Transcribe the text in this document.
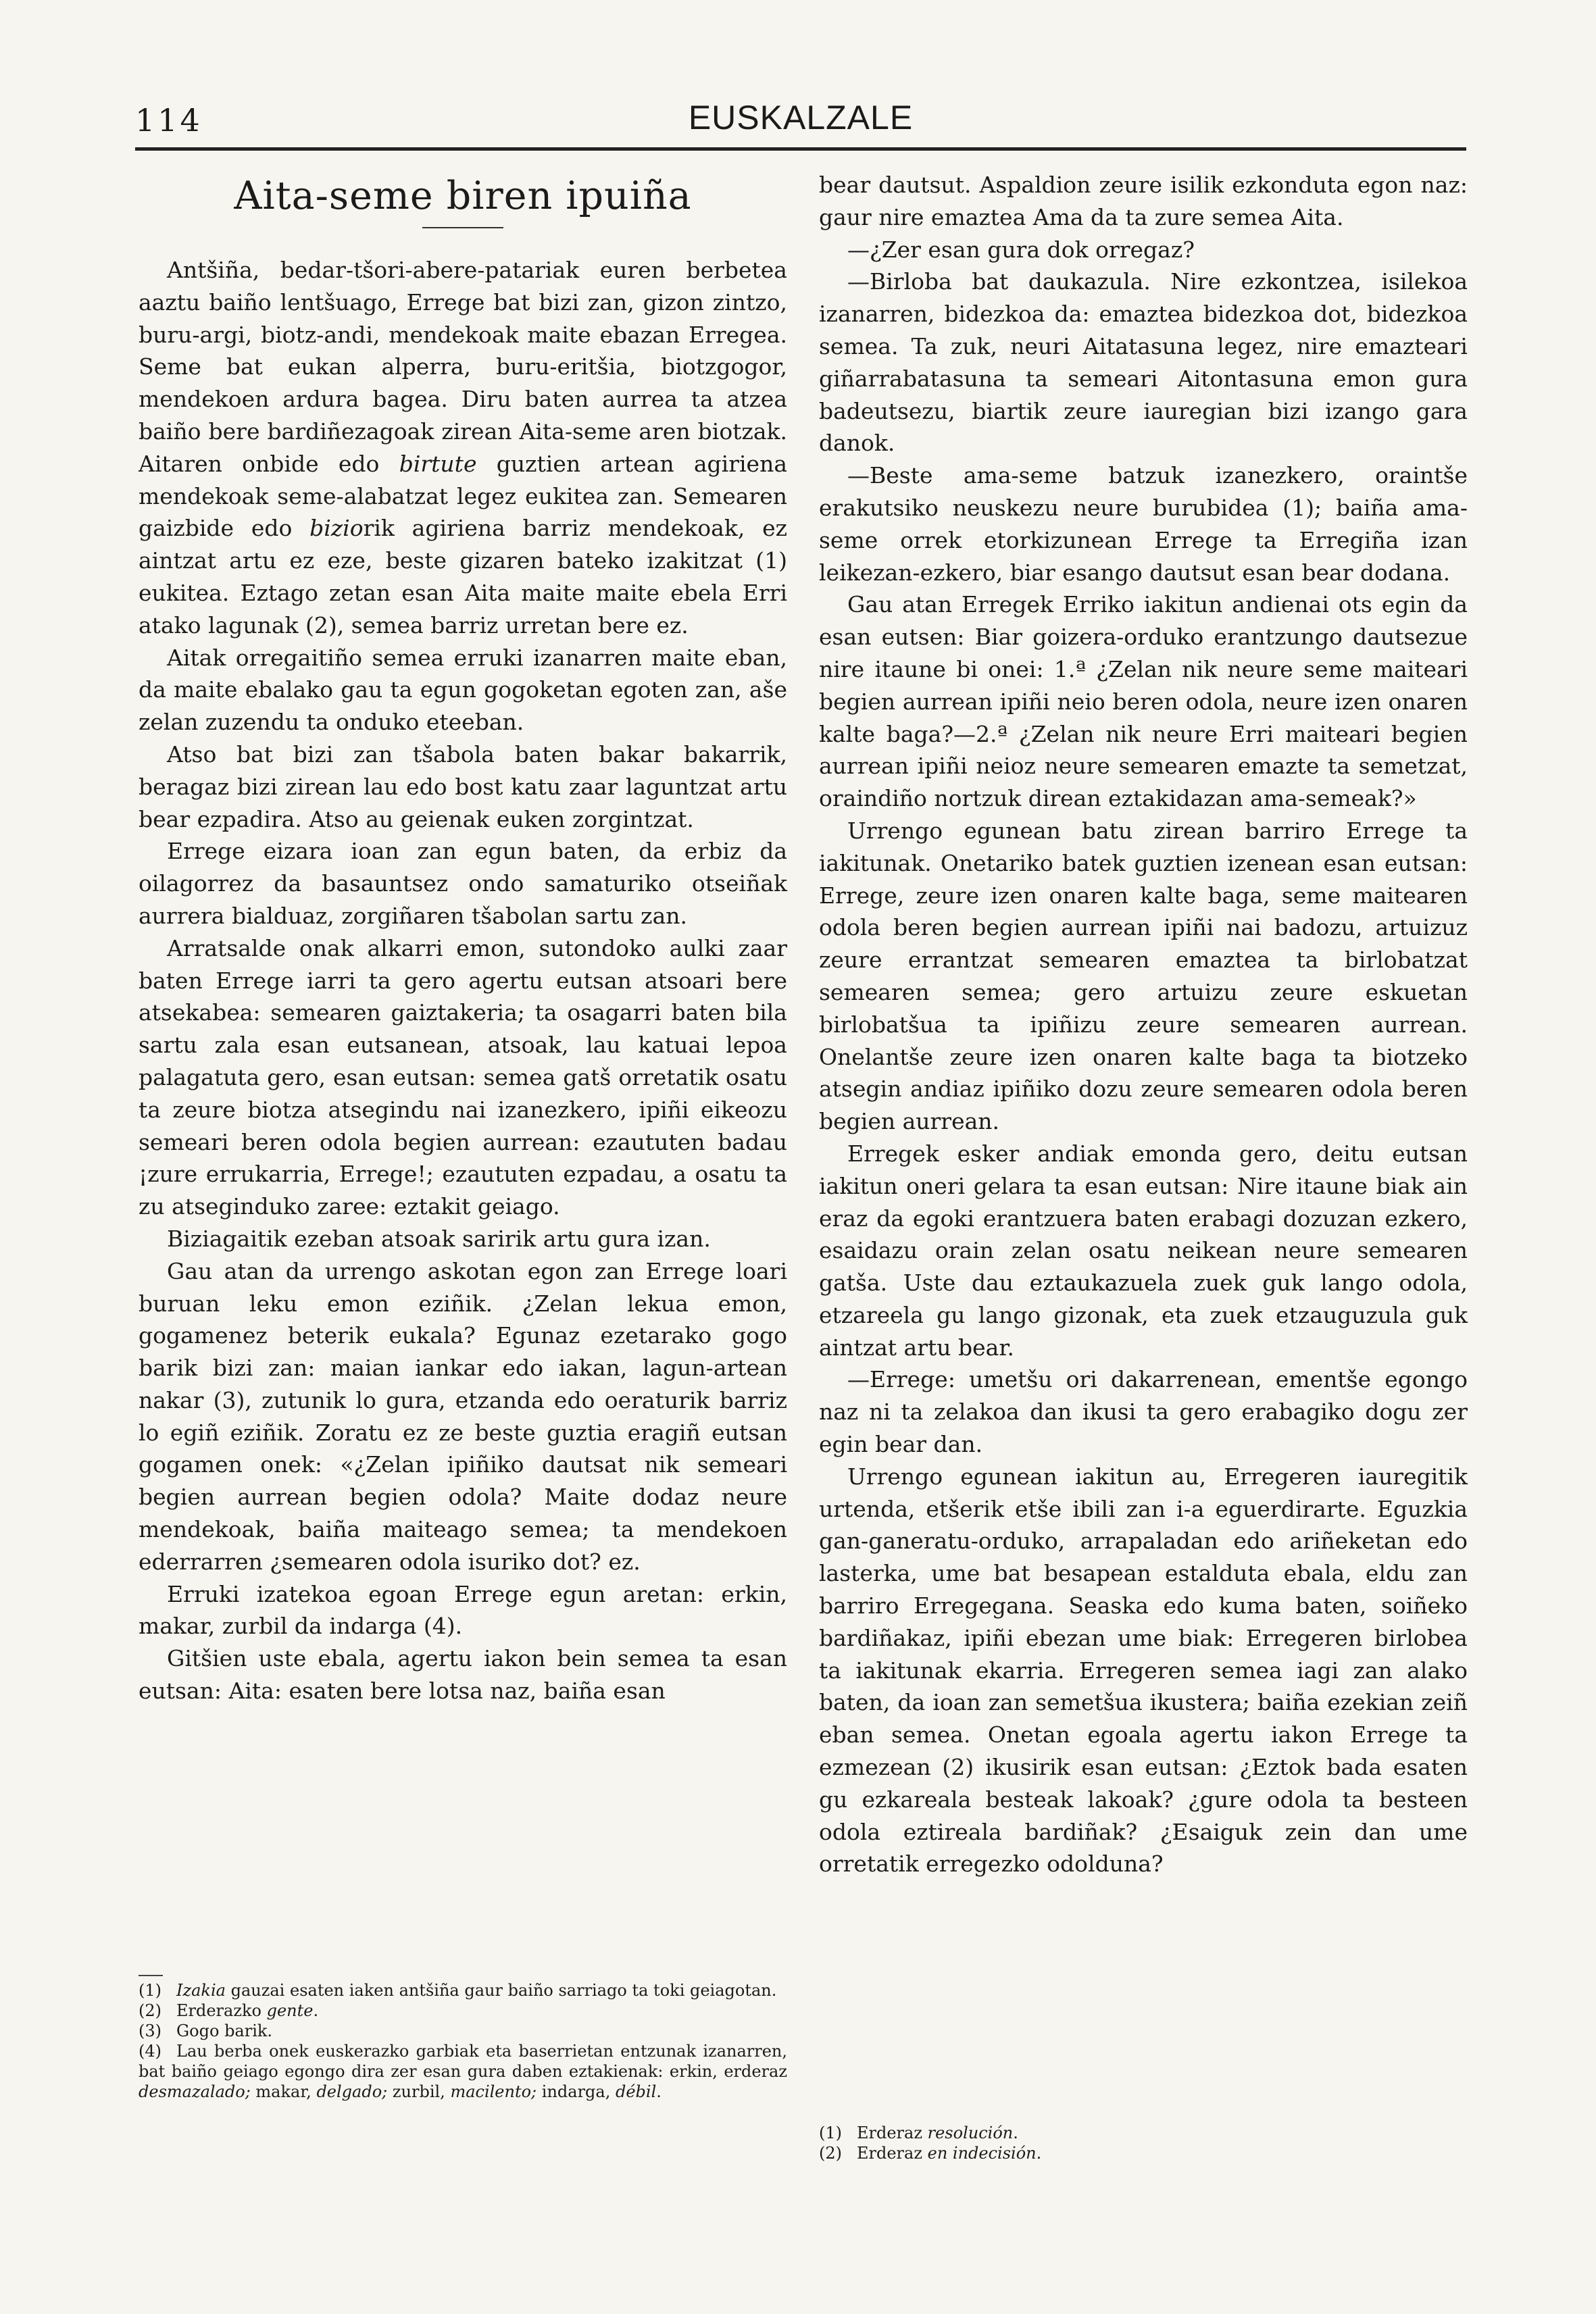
114	EUSKALZALE
Aita-seme biren ipuiña

Antšiña, bedar-tšori-abere-patariak euren berbetea aaztu baiño lentšuago, Errege bat bizi zan, gizon zintzo, buru-argi, biotz-andi, mendekoak maite ebazan Erregea. Seme bat eukan alperra, buru-eritšia, biotzgogor, mendekoen ardura bagea. Diru baten aurrea ta atzea baiño bere bardiñezagoak zirean Aita-seme aren biotzak. Aitaren onbide edo birtute guztien artean agiriena mendekoak seme-alabatzat legez eukitea zan. Semearen gaizbide edo biziorik agiriena barriz mendekoak, ez aintzat artu ez eze, beste gizaren bateko izakitzat (1) eukitea. Eztago zetan esan Aita maite maite ebela Erri atako lagunak (2), semea barriz urretan bere ez.

Aitak orregaitiño semea erruki izanarren maite eban, da maite ebalako gau ta egun gogoketan egoten zan, aše zelan zuzendu ta onduko eteeban.

Atso bat bizi zan tšabola baten bakar bakarrik, beragaz bizi zirean lau edo bost katu zaar laguntzat artu bear ezpadira. Atso au geienak euken zorgintzat.

Errege eizara ioan zan egun baten, da erbiz da oilagorrez da basauntsez ondo samaturiko otseiñak aurrera bialduaz, zorgiñaren tšabolan sartu zan.

Arratsalde onak alkarri emon, sutondoko aulki zaar baten Errege iarri ta gero agertu eutsan atsoari bere atsekabea: semearen gaiztakeria; ta osagarri baten bila sartu zala esan eutsanean, atsoak, lau katuai lepoa palagatuta gero, esan eutsan: semea gatš orretatik osatu ta zeure biotza atsegindu nai izanezkero, ipiñi eikeozu semeari beren odola begien aurrean: ezaututen badau ¡zure errukarria, Errege!; ezaututen ezpadau, a osatu ta zu atseginduko zaree: eztakit geiago.

Biziagaitik ezeban atsoak saririk artu gura izan.

Gau atan da urrengo askotan egon zan Errege loari buruan leku emon eziñik. ¿Zelan lekua emon, gogamenez beterik eukala? Egunaz ezetarako gogo barik bizi zan: maian iankar edo iakan, lagun-artean nakar (3), zutunik lo gura, etzanda edo oeraturik barriz lo egiñ eziñik. Zoratu ez ze beste guztia eragiñ eutsan gogamen onek: «¿Zelan ipiñiko dautsat nik semeari begien aurrean begien odola? Maite dodaz neure mendekoak, baiña maiteago semea; ta mendekoen ederrarren ¿semearen odola isuriko dot? ez.

Erruki izatekoa egoan Errege egun aretan: erkin, makar, zurbil da indarga (4).

Gitšien uste ebala, agertu iakon bein semea ta esan eutsan: Aita: esaten bere lotsa naz, baiña esan

bear dautsut. Aspaldion zeure isilik ezkonduta egon naz: gaur nire emaztea Ama da ta zure semea Aita.

—¿Zer esan gura dok orregaz?

—Birloba bat daukazula. Nire ezkontzea, isilekoa izanarren, bidezkoa da: emaztea bidezkoa dot, bidezkoa semea. Ta zuk, neuri Aitatasuna legez, nire emazteari giñarrabatasuna ta semeari Aitontasuna emon gura badeutsezu, biartik zeure iauregian bizi izango gara danok.

—Beste ama-seme batzuk izanezkero, oraintše erakutsiko neuskezu neure burubidea (1); baiña ama-seme orrek etorkizunean Errege ta Erregiña izan leikezan-ezkero, biar esango dautsut esan bear dodana.

Gau atan Erregek Erriko iakitun andienai ots egin da esan eutsen: Biar goizera-orduko erantzungo dautsezue nire itaune bi onei: 1.ª ¿Zelan nik neure seme maiteari begien aurrean ipiñi neio beren odola, neure izen onaren kalte baga?—2.ª ¿Zelan nik neure Erri maiteari begien aurrean ipiñi neioz neure semearen emazte ta semetzat, oraindiño nortzuk direan eztakidazan ama-semeak?»

Urrengo egunean batu zirean barriro Errege ta iakitunak. Onetariko batek guztien izenean esan eutsan: Errege, zeure izen onaren kalte baga, seme maitearen odola beren begien aurrean ipiñi nai badozu, artuizuz zeure errantzat semearen emaztea ta birlobatzat semearen semea; gero artuizu zeure eskuetan birlobatšua ta ipiñizu zeure semearen aurrean. Onelantše zeure izen onaren kalte baga ta biotzeko atsegin andiaz ipiñiko dozu zeure semearen odola beren begien aurrean.

Erregek esker andiak emonda gero, deitu eutsan iakitun oneri gelara ta esan eutsan: Nire itaune biak ain eraz da egoki erantzuera baten erabagi dozuzan ezkero, esaidazu orain zelan osatu neikean neure semearen gatša. Uste dau eztaukazuela zuek guk lango odola, etzareela gu lango gizonak, eta zuek etzauguzula guk aintzat artu bear.

—Errege: umetšu ori dakarrenean, ementše egongo naz ni ta zelakoa dan ikusi ta gero erabagiko dogu zer egin bear dan.

Urrengo egunean iakitun au, Erregeren iauregitik urtenda, etšerik etše ibili zan i-a eguerdirarte. Eguzkia gan-ganeratu-orduko, arrapaladan edo ariñeketan edo lasterka, ume bat besapean estalduta ebala, eldu zan barriro Erregegana. Seaska edo kuma baten, soiñeko bardiñakaz, ipiñi ebezan ume biak: Erregeren birlobea ta iakitunak ekarria. Erregeren semea iagi zan alako baten, da ioan zan semetšua ikustera; baiña ezekian zeiñ eban semea. Onetan egoala agertu iakon Errege ta ezmezean (2) ikusirik esan eutsan: ¿Eztok bada esaten gu ezkareala besteak lakoak? ¿gure odola ta besteen odola eztireala bardiñak? ¿Esaiguk zein dan ume orretatik erregezko odolduna?

(1) Izakia gauzai esaten iaken antšiña gaur baiño sarriago ta toki geiagotan.

(2) Erderazko gente.

(3) Gogo barik.

(4) Lau berba onek euskerazko garbiak eta baserrietan entzunak izanarren, bat baiño geiago egongo dira zer esan gura daben eztakienak: erkin, erderaz desmazalado; makar, delgado; zurbil, macilento; indarga, débil.

(1) Erderaz resolución.

(2) Erderaz en indecisión.
